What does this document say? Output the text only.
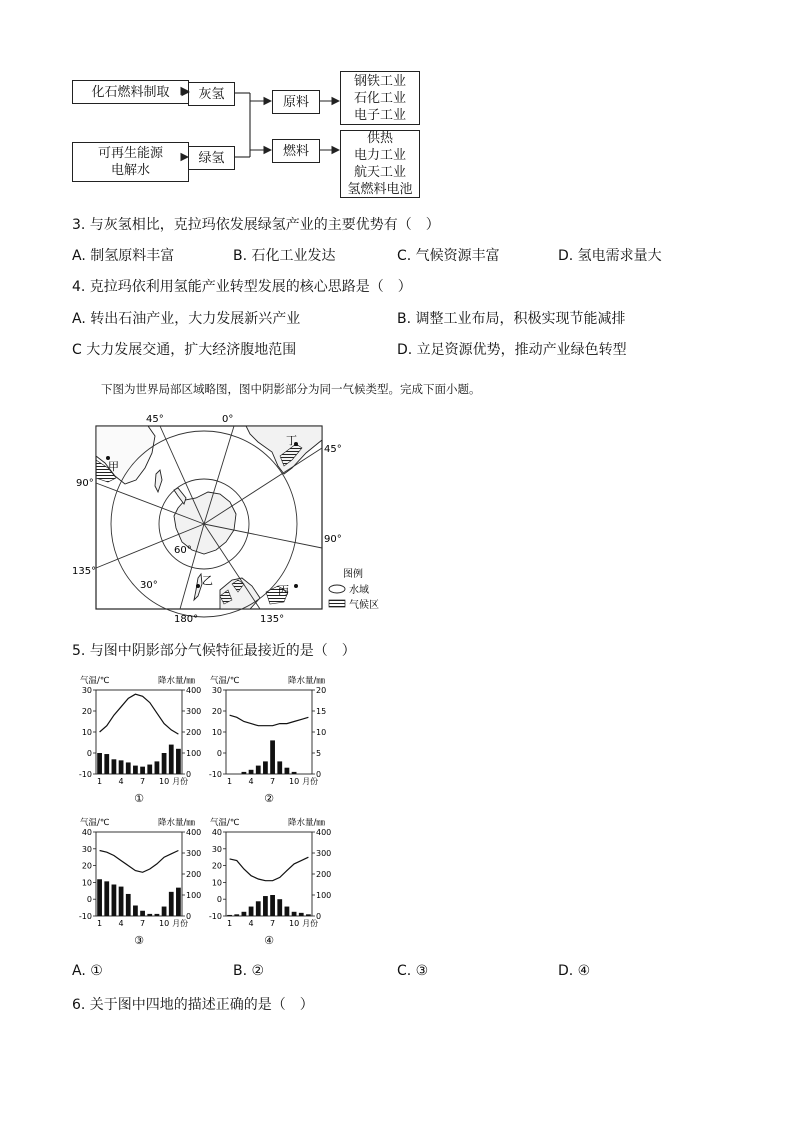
化石燃料制取
可再生能源
电解水
灰氢
绿氢
原料
燃料
钢铁工业
石化工业
电子工业
供热
电力工业
航天工业
氢燃料电池
3. 与灰氢相比，克拉玛依发展绿氢产业的主要优势有（　）
A. 制氢原料丰富	B. 石化工业发达	C. 气候资源丰富	D. 氢电需求量大
4. 克拉玛依利用氢能产业转型发展的核心思路是（　）
A. 转出石油产业，大力发展新兴产业	B. 调整工业布局，积极实现节能减排
C 大力发展交通，扩大经济腹地范围	D. 立足资源优势，推动产业绿色转型
下图为世界局部区域略图，图中阴影部分为同一气候类型。完成下面小题。
45°	0°
45°
90°
90°
135°
180°	135°
60°
30°
甲
乙
丙
丁
图例
水域
气候区
5. 与图中阴影部分气候特征最接近的是（　）
气温/℃	降水量/㎜
30
20
10
0
-10
400
300
200
100
0
1 4 7 10 月份
①
气温/℃	降水量/㎜
30
20
10
0
-10
20
15
10
5
0
1 4 7 10 月份
②
气温/℃	降水量/㎜
40
30
20
10
0
-10
400
300
200
100
0
1 4 7 10 月份
③
气温/℃	降水量/㎜
40
30
20
10
0
-10
400
300
200
100
0
1 4 7 10 月份
④
A. ①	B. ②	C. ③	D. ④
6. 关于图中四地的描述正确的是（　）
